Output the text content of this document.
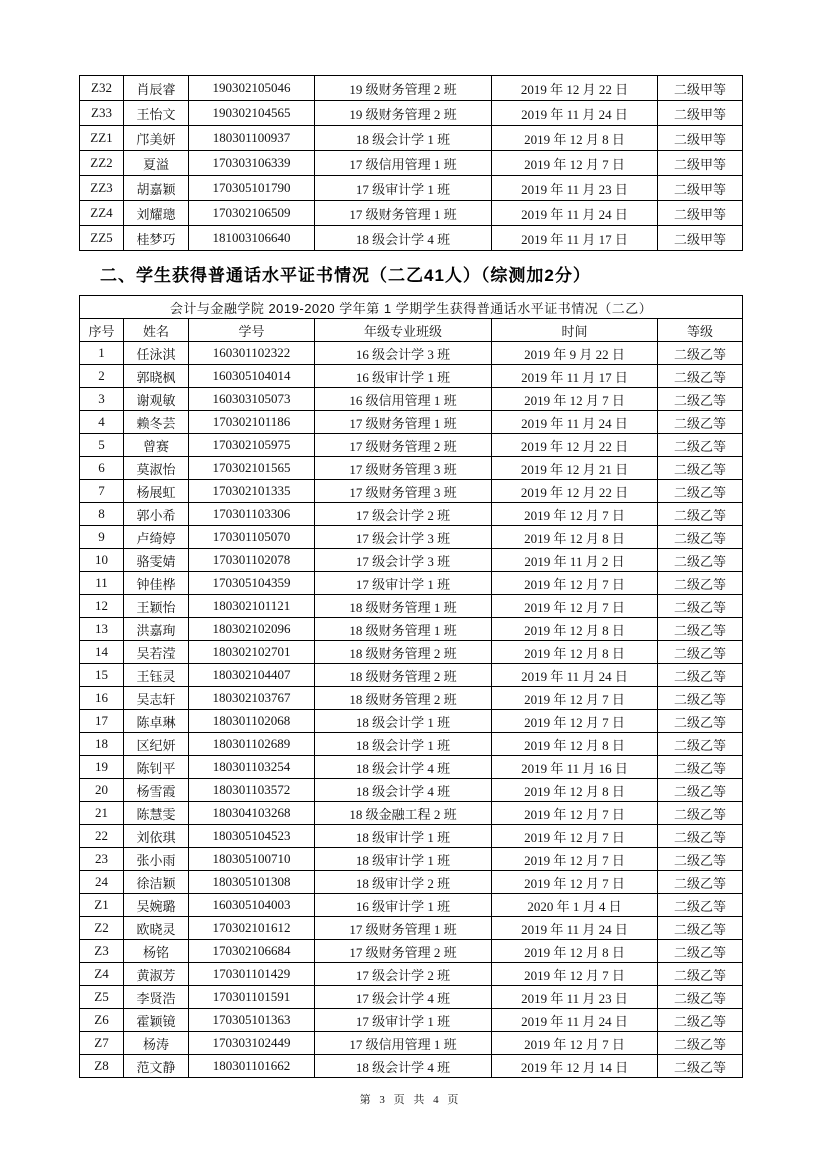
Z32	肖辰睿	190302105046	19 级财务管理 2 班	2019 年 12 月 22 日	二级甲等
Z33	王怡文	190302104565	19 级财务管理 2 班	2019 年 11 月 24 日	二级甲等
ZZ1	邝美妍	180301100937	18 级会计学 1 班	2019 年 12 月 8 日	二级甲等
ZZ2	夏溢	170303106339	17 级信用管理 1 班	2019 年 12 月 7 日	二级甲等
ZZ3	胡嘉颖	170305101790	17 级审计学 1 班	2019 年 11 月 23 日	二级甲等
ZZ4	刘耀璁	170302106509	17 级财务管理 1 班	2019 年 11 月 24 日	二级甲等
ZZ5	桂梦巧	181003106640	18 级会计学 4 班	2019 年 11 月 17 日	二级甲等
二、学生获得普通话水平证书情况（二乙41人）（综测加2分）
会计与金融学院 2019-2020 学年第 1 学期学生获得普通话水平证书情况（二乙）					
序号	姓名	学号	年级专业班级	时间	等级
1	任泳淇	160301102322	16 级会计学 3 班	2019 年 9 月 22 日	二级乙等
2	郭晓枫	160305104014	16 级审计学 1 班	2019 年 11 月 17 日	二级乙等
3	谢观敏	160303105073	16 级信用管理 1 班	2019 年 12 月 7 日	二级乙等
4	赖冬芸	170302101186	17 级财务管理 1 班	2019 年 11 月 24 日	二级乙等
5	曾赛	170302105975	17 级财务管理 2 班	2019 年 12 月 22 日	二级乙等
6	莫淑怡	170302101565	17 级财务管理 3 班	2019 年 12 月 21 日	二级乙等
7	杨展虹	170302101335	17 级财务管理 3 班	2019 年 12 月 22 日	二级乙等
8	郭小希	170301103306	17 级会计学 2 班	2019 年 12 月 7 日	二级乙等
9	卢绮婷	170301105070	17 级会计学 3 班	2019 年 12 月 8 日	二级乙等
10	骆雯婧	170301102078	17 级会计学 3 班	2019 年 11 月 2 日	二级乙等
11	钟佳桦	170305104359	17 级审计学 1 班	2019 年 12 月 7 日	二级乙等
12	王颖怡	180302101121	18 级财务管理 1 班	2019 年 12 月 7 日	二级乙等
13	洪嘉珣	180302102096	18 级财务管理 1 班	2019 年 12 月 8 日	二级乙等
14	吴若滢	180302102701	18 级财务管理 2 班	2019 年 12 月 8 日	二级乙等
15	王钰灵	180302104407	18 级财务管理 2 班	2019 年 11 月 24 日	二级乙等
16	吴志轩	180302103767	18 级财务管理 2 班	2019 年 12 月 7 日	二级乙等
17	陈卓琳	180301102068	18 级会计学 1 班	2019 年 12 月 7 日	二级乙等
18	区纪妍	180301102689	18 级会计学 1 班	2019 年 12 月 8 日	二级乙等
19	陈钊平	180301103254	18 级会计学 4 班	2019 年 11 月 16 日	二级乙等
20	杨雪霞	180301103572	18 级会计学 4 班	2019 年 12 月 8 日	二级乙等
21	陈慧雯	180304103268	18 级金融工程 2 班	2019 年 12 月 7 日	二级乙等
22	刘依琪	180305104523	18 级审计学 1 班	2019 年 12 月 7 日	二级乙等
23	张小雨	180305100710	18 级审计学 1 班	2019 年 12 月 7 日	二级乙等
24	徐洁颖	180305101308	18 级审计学 2 班	2019 年 12 月 7 日	二级乙等
Z1	吴婉璐	160305104003	16 级审计学 1 班	2020 年 1 月 4 日	二级乙等
Z2	欧晓灵	170302101612	17 级财务管理 1 班	2019 年 11 月 24 日	二级乙等
Z3	杨铭	170302106684	17 级财务管理 2 班	2019 年 12 月 8 日	二级乙等
Z4	黄淑芳	170301101429	17 级会计学 2 班	2019 年 12 月 7 日	二级乙等
Z5	李贤浩	170301101591	17 级会计学 4 班	2019 年 11 月 23 日	二级乙等
Z6	霍颖镜	170305101363	17 级审计学 1 班	2019 年 11 月 24 日	二级乙等
Z7	杨涛	170303102449	17 级信用管理 1 班	2019 年 12 月 7 日	二级乙等
Z8	范文静	180301101662	18 级会计学 4 班	2019 年 12 月 14 日	二级乙等
第 3 页 共 4 页
